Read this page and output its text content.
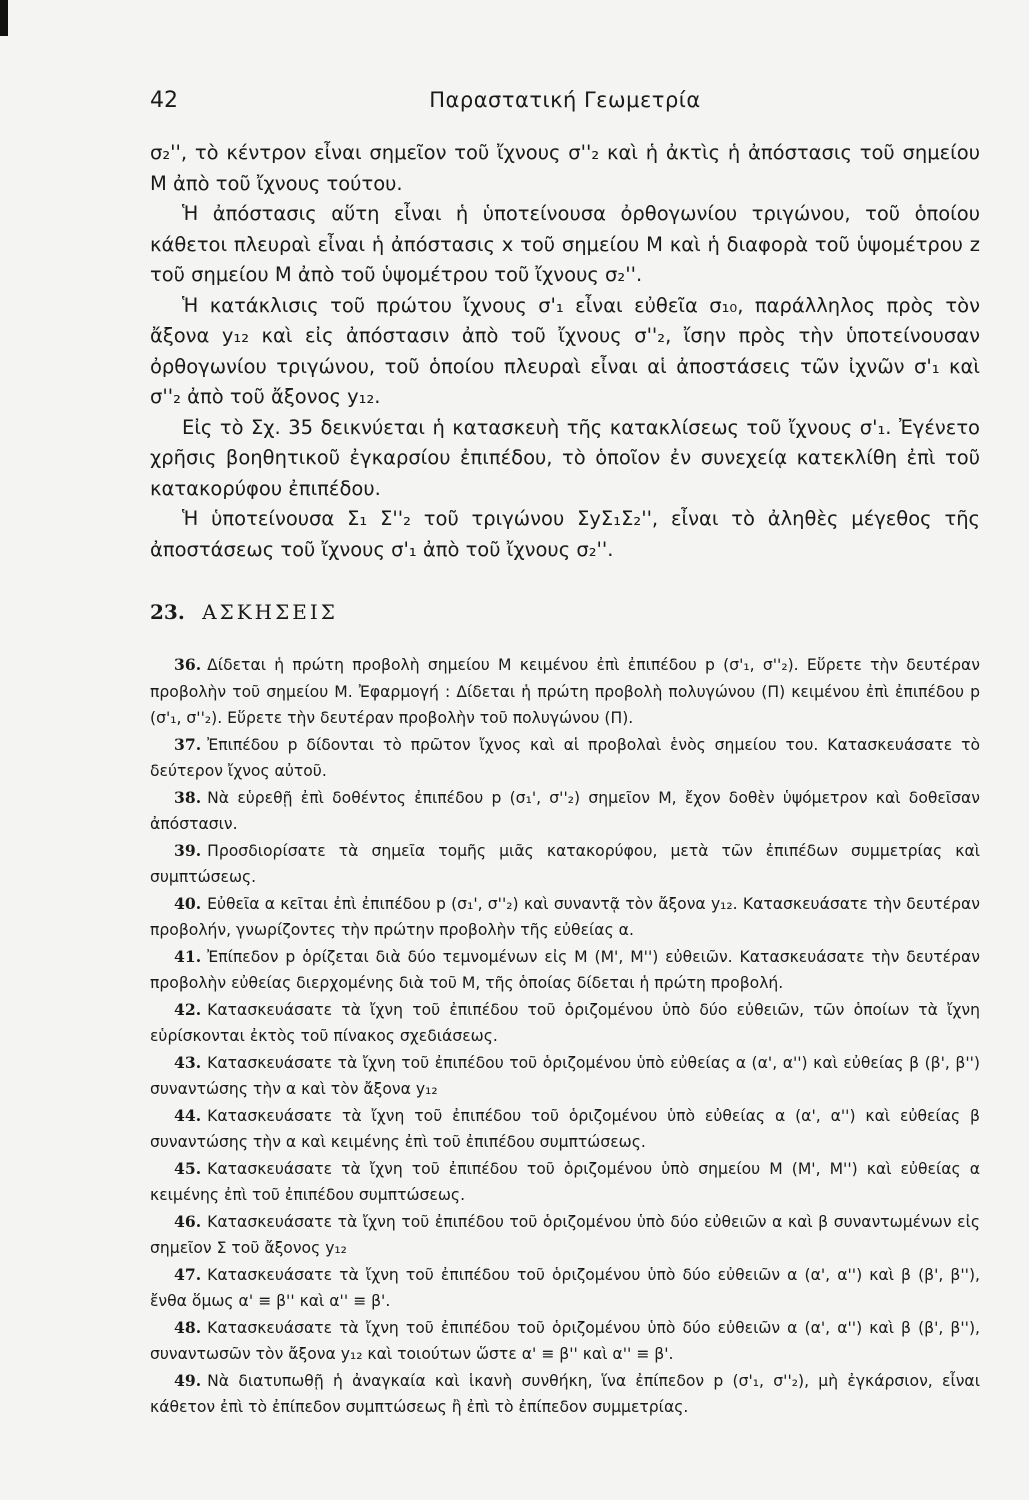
42	Παραστατική Γεωμετρία

σ₂'', τὸ κέντρον εἶναι σημεῖον τοῦ ἴχνους σ''₂ καὶ ἡ ἀκτὶς ἡ ἀπόστασις τοῦ σημείου M ἀπὸ τοῦ ἴχνους τούτου.

Ἡ ἀπόστασις αὕτη εἶναι ἡ ὑποτείνουσα ὀρθογωνίου τριγώνου, τοῦ ὁποίου κάθετοι πλευραὶ εἶναι ἡ ἀπόστασις x τοῦ σημείου M καὶ ἡ διαφορὰ τοῦ ὑψομέτρου z τοῦ σημείου M ἀπὸ τοῦ ὑψομέτρου τοῦ ἴχνους σ₂''.

Ἡ κατάκλισις τοῦ πρώτου ἴχνους σ'₁ εἶναι εὐθεῖα σ₁₀, παράλληλος πρὸς τὸν ἄξονα y₁₂ καὶ εἰς ἀπόστασιν ἀπὸ τοῦ ἴχνους σ''₂, ἴσην πρὸς τὴν ὑποτείνουσαν ὀρθογωνίου τριγώνου, τοῦ ὁποίου πλευραὶ εἶναι αἱ ἀποστάσεις τῶν ἰχνῶν σ'₁ καὶ σ''₂ ἀπὸ τοῦ ἄξονος y₁₂.

Εἰς τὸ Σχ. 35 δεικνύεται ἡ κατασκευὴ τῆς κατακλίσεως τοῦ ἴχνους σ'₁. Ἐγένετο χρῆσις βοηθητικοῦ ἐγκαρσίου ἐπιπέδου, τὸ ὁποῖον ἐν συνεχείᾳ κατεκλίθη ἐπὶ τοῦ κατακορύφου ἐπιπέδου.

Ἡ ὑποτείνουσα Σ₁ Σ''₂ τοῦ τριγώνου ΣyΣ₁Σ₂'', εἶναι τὸ ἀληθὲς μέγεθος τῆς ἀποστάσεως τοῦ ἴχνους σ'₁ ἀπὸ τοῦ ἴχνους σ₂''.

23. ΑΣΚΗΣΕΙΣ

36. Δίδεται ἡ πρώτη προβολὴ σημείου M κειμένου ἐπὶ ἐπιπέδου p (σ'₁, σ''₂). Εὕρετε τὴν δευτέραν προβολὴν τοῦ σημείου M. Ἐφαρμογή : Δίδεται ἡ πρώτη προβολὴ πολυγώνου (Π) κειμένου ἐπὶ ἐπιπέδου p (σ'₁, σ''₂). Εὕρετε τὴν δευτέραν προβολὴν τοῦ πολυγώνου (Π).

37. Ἐπιπέδου p δίδονται τὸ πρῶτον ἴχνος καὶ αἱ προβολαὶ ἑνὸς σημείου του. Κατασκευάσατε τὸ δεύτερον ἴχνος αὐτοῦ.

38. Νὰ εὑρεθῇ ἐπὶ δοθέντος ἐπιπέδου p (σ₁', σ''₂) σημεῖον M, ἔχον δοθὲν ὑψόμετρον καὶ δοθεῖσαν ἀπόστασιν.

39. Προσδιορίσατε τὰ σημεῖα τομῆς μιᾶς κατακορύφου, μετὰ τῶν ἐπιπέδων συμμετρίας καὶ συμπτώσεως.

40. Εὐθεῖα α κεῖται ἐπὶ ἐπιπέδου p (σ₁', σ''₂) καὶ συναντᾷ τὸν ἄξονα y₁₂. Κατασκευάσατε τὴν δευτέραν προβολήν, γνωρίζοντες τὴν πρώτην προβολὴν τῆς εὐθείας α.

41. Ἐπίπεδον p ὁρίζεται διὰ δύο τεμνομένων εἰς M (M', M'') εὐθειῶν. Κατασκευάσατε τὴν δευτέραν προβολὴν εὐθείας διερχομένης διὰ τοῦ M, τῆς ὁποίας δίδεται ἡ πρώτη προβολή.

42. Κατασκευάσατε τὰ ἴχνη τοῦ ἐπιπέδου τοῦ ὁριζομένου ὑπὸ δύο εὐθειῶν, τῶν ὁποίων τὰ ἴχνη εὑρίσκονται ἐκτὸς τοῦ πίνακος σχεδιάσεως.

43. Κατασκευάσατε τὰ ἴχνη τοῦ ἐπιπέδου τοῦ ὁριζομένου ὑπὸ εὐθείας α (α', α'') καὶ εὐθείας β (β', β'') συναντώσης τὴν α καὶ τὸν ἄξονα y₁₂

44. Κατασκευάσατε τὰ ἴχνη τοῦ ἐπιπέδου τοῦ ὁριζομένου ὑπὸ εὐθείας α (α', α'') καὶ εὐθείας β συναντώσης τὴν α καὶ κειμένης ἐπὶ τοῦ ἐπιπέδου συμπτώσεως.

45. Κατασκευάσατε τὰ ἴχνη τοῦ ἐπιπέδου τοῦ ὁριζομένου ὑπὸ σημείου M (M', M'') καὶ εὐθείας α κειμένης ἐπὶ τοῦ ἐπιπέδου συμπτώσεως.

46. Κατασκευάσατε τὰ ἴχνη τοῦ ἐπιπέδου τοῦ ὁριζομένου ὑπὸ δύο εὐθειῶν α καὶ β συναντωμένων εἰς σημεῖον Σ τοῦ ἄξονος y₁₂

47. Κατασκευάσατε τὰ ἴχνη τοῦ ἐπιπέδου τοῦ ὁριζομένου ὑπὸ δύο εὐθειῶν α (α', α'') καὶ β (β', β''), ἔνθα ὅμως α' ≡ β'' καὶ α'' ≡ β'.

48. Κατασκευάσατε τὰ ἴχνη τοῦ ἐπιπέδου τοῦ ὁριζομένου ὑπὸ δύο εὐθειῶν α (α', α'') καὶ β (β', β''), συναντωσῶν τὸν ἄξονα y₁₂ καὶ τοιούτων ὥστε α' ≡ β'' καὶ α'' ≡ β'.

49. Νὰ διατυπωθῇ ἡ ἀναγκαία καὶ ἱκανὴ συνθήκη, ἵνα ἐπίπεδον p (σ'₁, σ''₂), μὴ ἐγκάρσιον, εἶναι κάθετον ἐπὶ τὸ ἐπίπεδον συμπτώσεως ἢ ἐπὶ τὸ ἐπίπεδον συμμετρίας.
